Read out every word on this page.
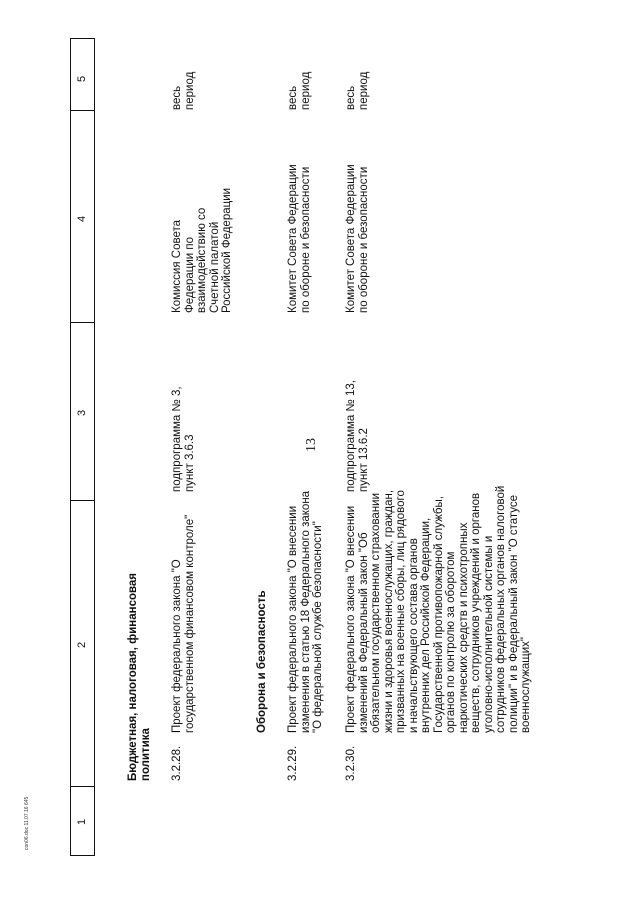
13
con06.doc 11.07.16 645	1
2
3
4
5
Бюджетная, налоговая, финансовая политика 3.2.28.
Проект федерального закона "О государственном финансовом контроле"
подпрограмма № 3, пункт 3.6.3
Комиссия Совета Федерации по взаимодействию со Счетной палатой Российской Федерации
весь период
Оборона и безопасность
3.2.29.
Проект федерального закона "О внесении изменения в статью 18 Федерального закона "О федеральной службе безопасности"
Комитет Совета Федерации по обороне и безопасности
весь период
3.2.30.
Проект федерального закона "О внесении изменений в Федеральный закон "Об обязательном государственном страховании жизни и здоровья военнослужащих, граждан, призванных на военные сборы, лиц рядового и начальствующего состава органов внутренних дел Российской Федерации, Государственной противопожарной службы, органов по контролю за оборотом наркотических средств и психотропных веществ, сотрудников учреждений и органов уголовно-исполнительной системы и сотрудников федеральных органов налоговой полиции" и в Федеральный закон "О статусе военнослужащих"
подпрограмма № 13, пункт 13.6.2
Комитет Совета Федерации по обороне и безопасности
весь период
